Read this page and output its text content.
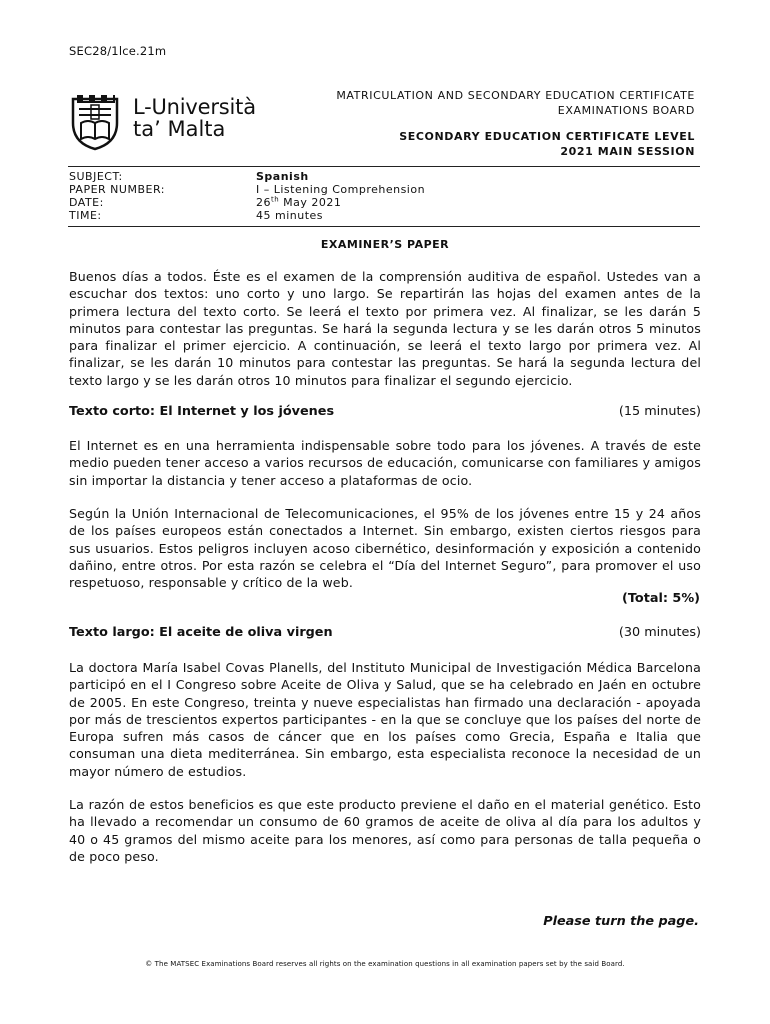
SEC28/1lce.21m
L-Università
ta’ Malta
MATRICULATION AND SECONDARY EDUCATION CERTIFICATE
EXAMINATIONS BOARD
SECONDARY EDUCATION CERTIFICATE LEVEL
2021 MAIN SESSION
SUBJECT:	Spanish
PAPER NUMBER:	I – Listening Comprehension
DATE:	26th May 2021
TIME:	45 minutes
EXAMINER’S PAPER
Buenos días a todos. Éste es el examen de la comprensión auditiva de español. Ustedes van a escuchar dos textos: uno corto y uno largo. Se repartirán las hojas del examen antes de la primera lectura del texto corto. Se leerá el texto por primera vez. Al finalizar, se les darán 5 minutos para contestar las preguntas. Se hará la segunda lectura y se les darán otros 5 minutos para finalizar el primer ejercicio. A continuación, se leerá el texto largo por primera vez. Al finalizar, se les darán 10 minutos para contestar las preguntas. Se hará la segunda lectura del texto largo y se les darán otros 10 minutos para finalizar el segundo ejercicio.
Texto corto: El Internet y los jóvenes	(15 minutes)
El Internet es en una herramienta indispensable sobre todo para los jóvenes. A través de este medio pueden tener acceso a varios recursos de educación, comunicarse con familiares y amigos sin importar la distancia y tener acceso a plataformas de ocio.
Según la Unión Internacional de Telecomunicaciones, el 95% de los jóvenes entre 15 y 24 años de los países europeos están conectados a Internet. Sin embargo, existen ciertos riesgos para sus usuarios. Estos peligros incluyen acoso cibernético, desinformación y exposición a contenido dañino, entre otros. Por esta razón se celebra el “Día del Internet Seguro”, para promover el uso respetuoso, responsable y crítico de la web.
(Total: 5%)
Texto largo: El aceite de oliva virgen	(30 minutes)
La doctora María Isabel Covas Planells, del Instituto Municipal de Investigación Médica Barcelona participó en el I Congreso sobre Aceite de Oliva y Salud, que se ha celebrado en Jaén en octubre de 2005. En este Congreso, treinta y nueve especialistas han firmado una declaración - apoyada por más de trescientos expertos participantes - en la que se concluye que los países del norte de Europa sufren más casos de cáncer que en los países como Grecia, España e Italia que consuman una dieta mediterránea. Sin embargo, esta especialista reconoce la necesidad de un mayor número de estudios.
La razón de estos beneficios es que este producto previene el daño en el material genético. Esto ha llevado a recomendar un consumo de 60 gramos de aceite de oliva al día para los adultos y 40 o 45 gramos del mismo aceite para los menores, así como para personas de talla pequeña o de poco peso.
Please turn the page.
© The MATSEC Examinations Board reserves all rights on the examination questions in all examination papers set by the said Board.
